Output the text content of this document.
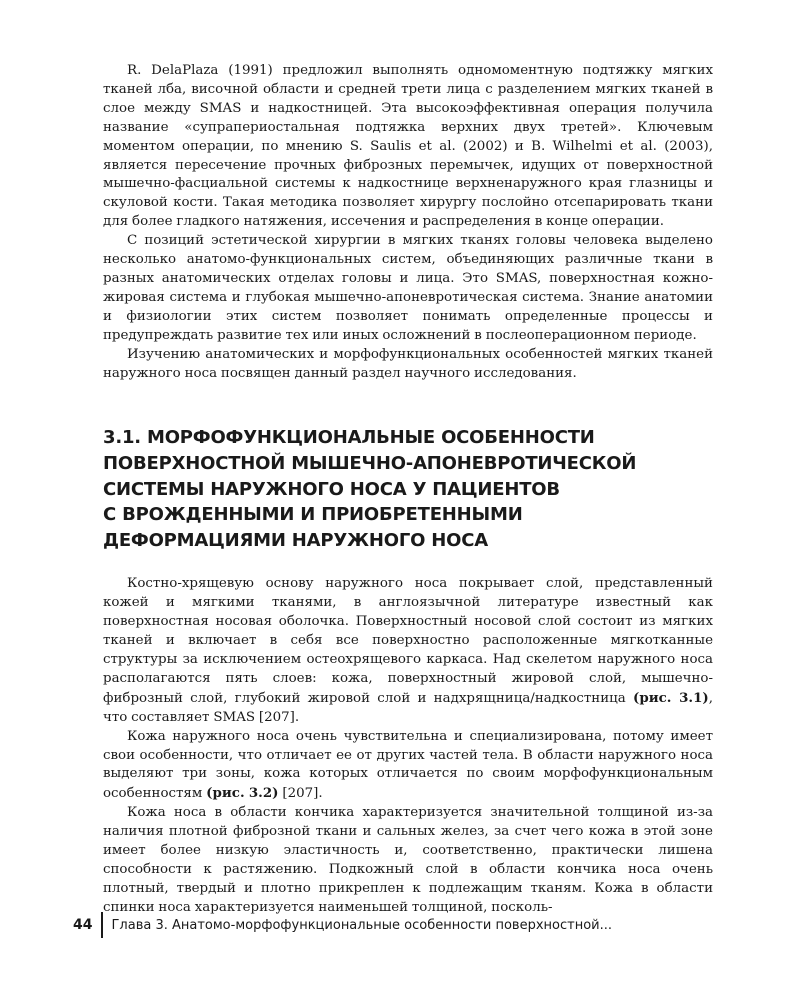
R. DelaPlaza (1991) предложил выполнять одномоментную подтяжку мягких тканей лба, височной области и средней трети лица с разделением мягких тканей в слое между SMAS и надкостницей. Эта высокоэффективная операция получила название «супрапериостальная подтяжка верхних двух третей». Ключевым моментом операции, по мнению S. Saulis et al. (2002) и B. Wilhelmi et al. (2003), является пересечение прочных фиброзных перемычек, идущих от поверхностной мышечно-фасциальной системы к надкостнице верхненаружного края глазницы и скуловой кости. Такая методика позволяет хирургу послойно отсепарировать ткани для более гладкого натяжения, иссечения и распределения в конце операции.

С позиций эстетической хирургии в мягких тканях головы человека выделено несколько анатомо-функциональных систем, объединяющих различные ткани в разных анатомических отделах головы и лица. Это SMAS, поверхностная кожно-жировая система и глубокая мышечно-апоневротическая система. Знание анатомии и физиологии этих систем позволяет понимать определенные процессы и предупреждать развитие тех или иных осложнений в послеоперационном периоде.

Изучению анатомических и морфофункциональных особенностей мягких тканей наружного носа посвящен данный раздел научного исследования.

3.1. МОРФОФУНКЦИОНАЛЬНЫЕ ОСОБЕННОСТИ
ПОВЕРХНОСТНОЙ МЫШЕЧНО-АПОНЕВРОТИЧЕСКОЙ
СИСТЕМЫ НАРУЖНОГО НОСА У ПАЦИЕНТОВ
С ВРОЖДЕННЫМИ И ПРИОБРЕТЕННЫМИ
ДЕФОРМАЦИЯМИ НАРУЖНОГО НОСА

Костно-хрящевую основу наружного носа покрывает слой, представленный кожей и мягкими тканями, в англоязычной литературе известный как поверхностная носовая оболочка. Поверхностный носовой слой состоит из мягких тканей и включает в себя все поверхностно расположенные мягкотканные структуры за исключением остеохрящевого каркаса. Над скелетом наружного носа располагаются пять слоев: кожа, поверхностный жировой слой, мышечно-фиброзный слой, глубокий жировой слой и надхрящница/надкостница (рис. 3.1), что составляет SMAS [207].

Кожа наружного носа очень чувствительна и специализирована, потому имеет свои особенности, что отличает ее от других частей тела. В области наружного носа выделяют три зоны, кожа которых отличается по своим морфофункциональным особенностям (рис. 3.2) [207].

Кожа носа в области кончика характеризуется значительной толщиной из-за наличия плотной фиброзной ткани и сальных желез, за счет чего кожа в этой зоне имеет более низкую эластичность и, соответственно, практически лишена способности к растяжению. Подкожный слой в области кончика носа очень плотный, твердый и плотно прикреплен к подлежащим тканям. Кожа в области спинки носа характеризуется наименьшей толщиной, посколь-

44	Глава 3. Анатомо-морфофункциональные особенности поверхностной...
